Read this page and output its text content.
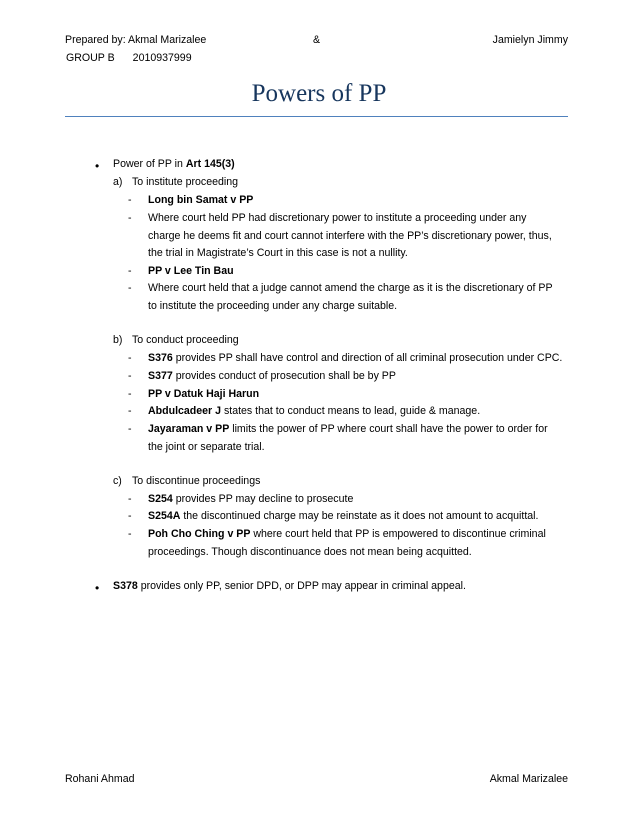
Prepared by: Akmal Marizalee	&	Jamielyn Jimmy
GROUP B 2010937999
Powers of PP
• Power of PP in Art 145(3)
a) To institute proceeding
- Long bin Samat v PP
- Where court held PP had discretionary power to institute a proceeding under any
charge he deems fit and court cannot interfere with the PP’s discretionary power, thus,
the trial in Magistrate’s Court in this case is not a nullity.
- PP v Lee Tin Bau
- Where court held that a judge cannot amend the charge as it is the discretionary of PP
to institute the proceeding under any charge suitable.
b) To conduct proceeding
- S376 provides PP shall have control and direction of all criminal prosecution under CPC.
- S377 provides conduct of prosecution shall be by PP
- PP v Datuk Haji Harun
- Abdulcadeer J states that to conduct means to lead, guide & manage.
- Jayaraman v PP limits the power of PP where court shall have the power to order for
the joint or separate trial.
c) To discontinue proceedings
- S254 provides PP may decline to prosecute
- S254A the discontinued charge may be reinstate as it does not amount to acquittal.
- Poh Cho Ching v PP where court held that PP is empowered to discontinue criminal
proceedings. Though discontinuance does not mean being acquitted.
• S378 provides only PP, senior DPD, or DPP may appear in criminal appeal.
Rohani Ahmad	Akmal Marizalee
